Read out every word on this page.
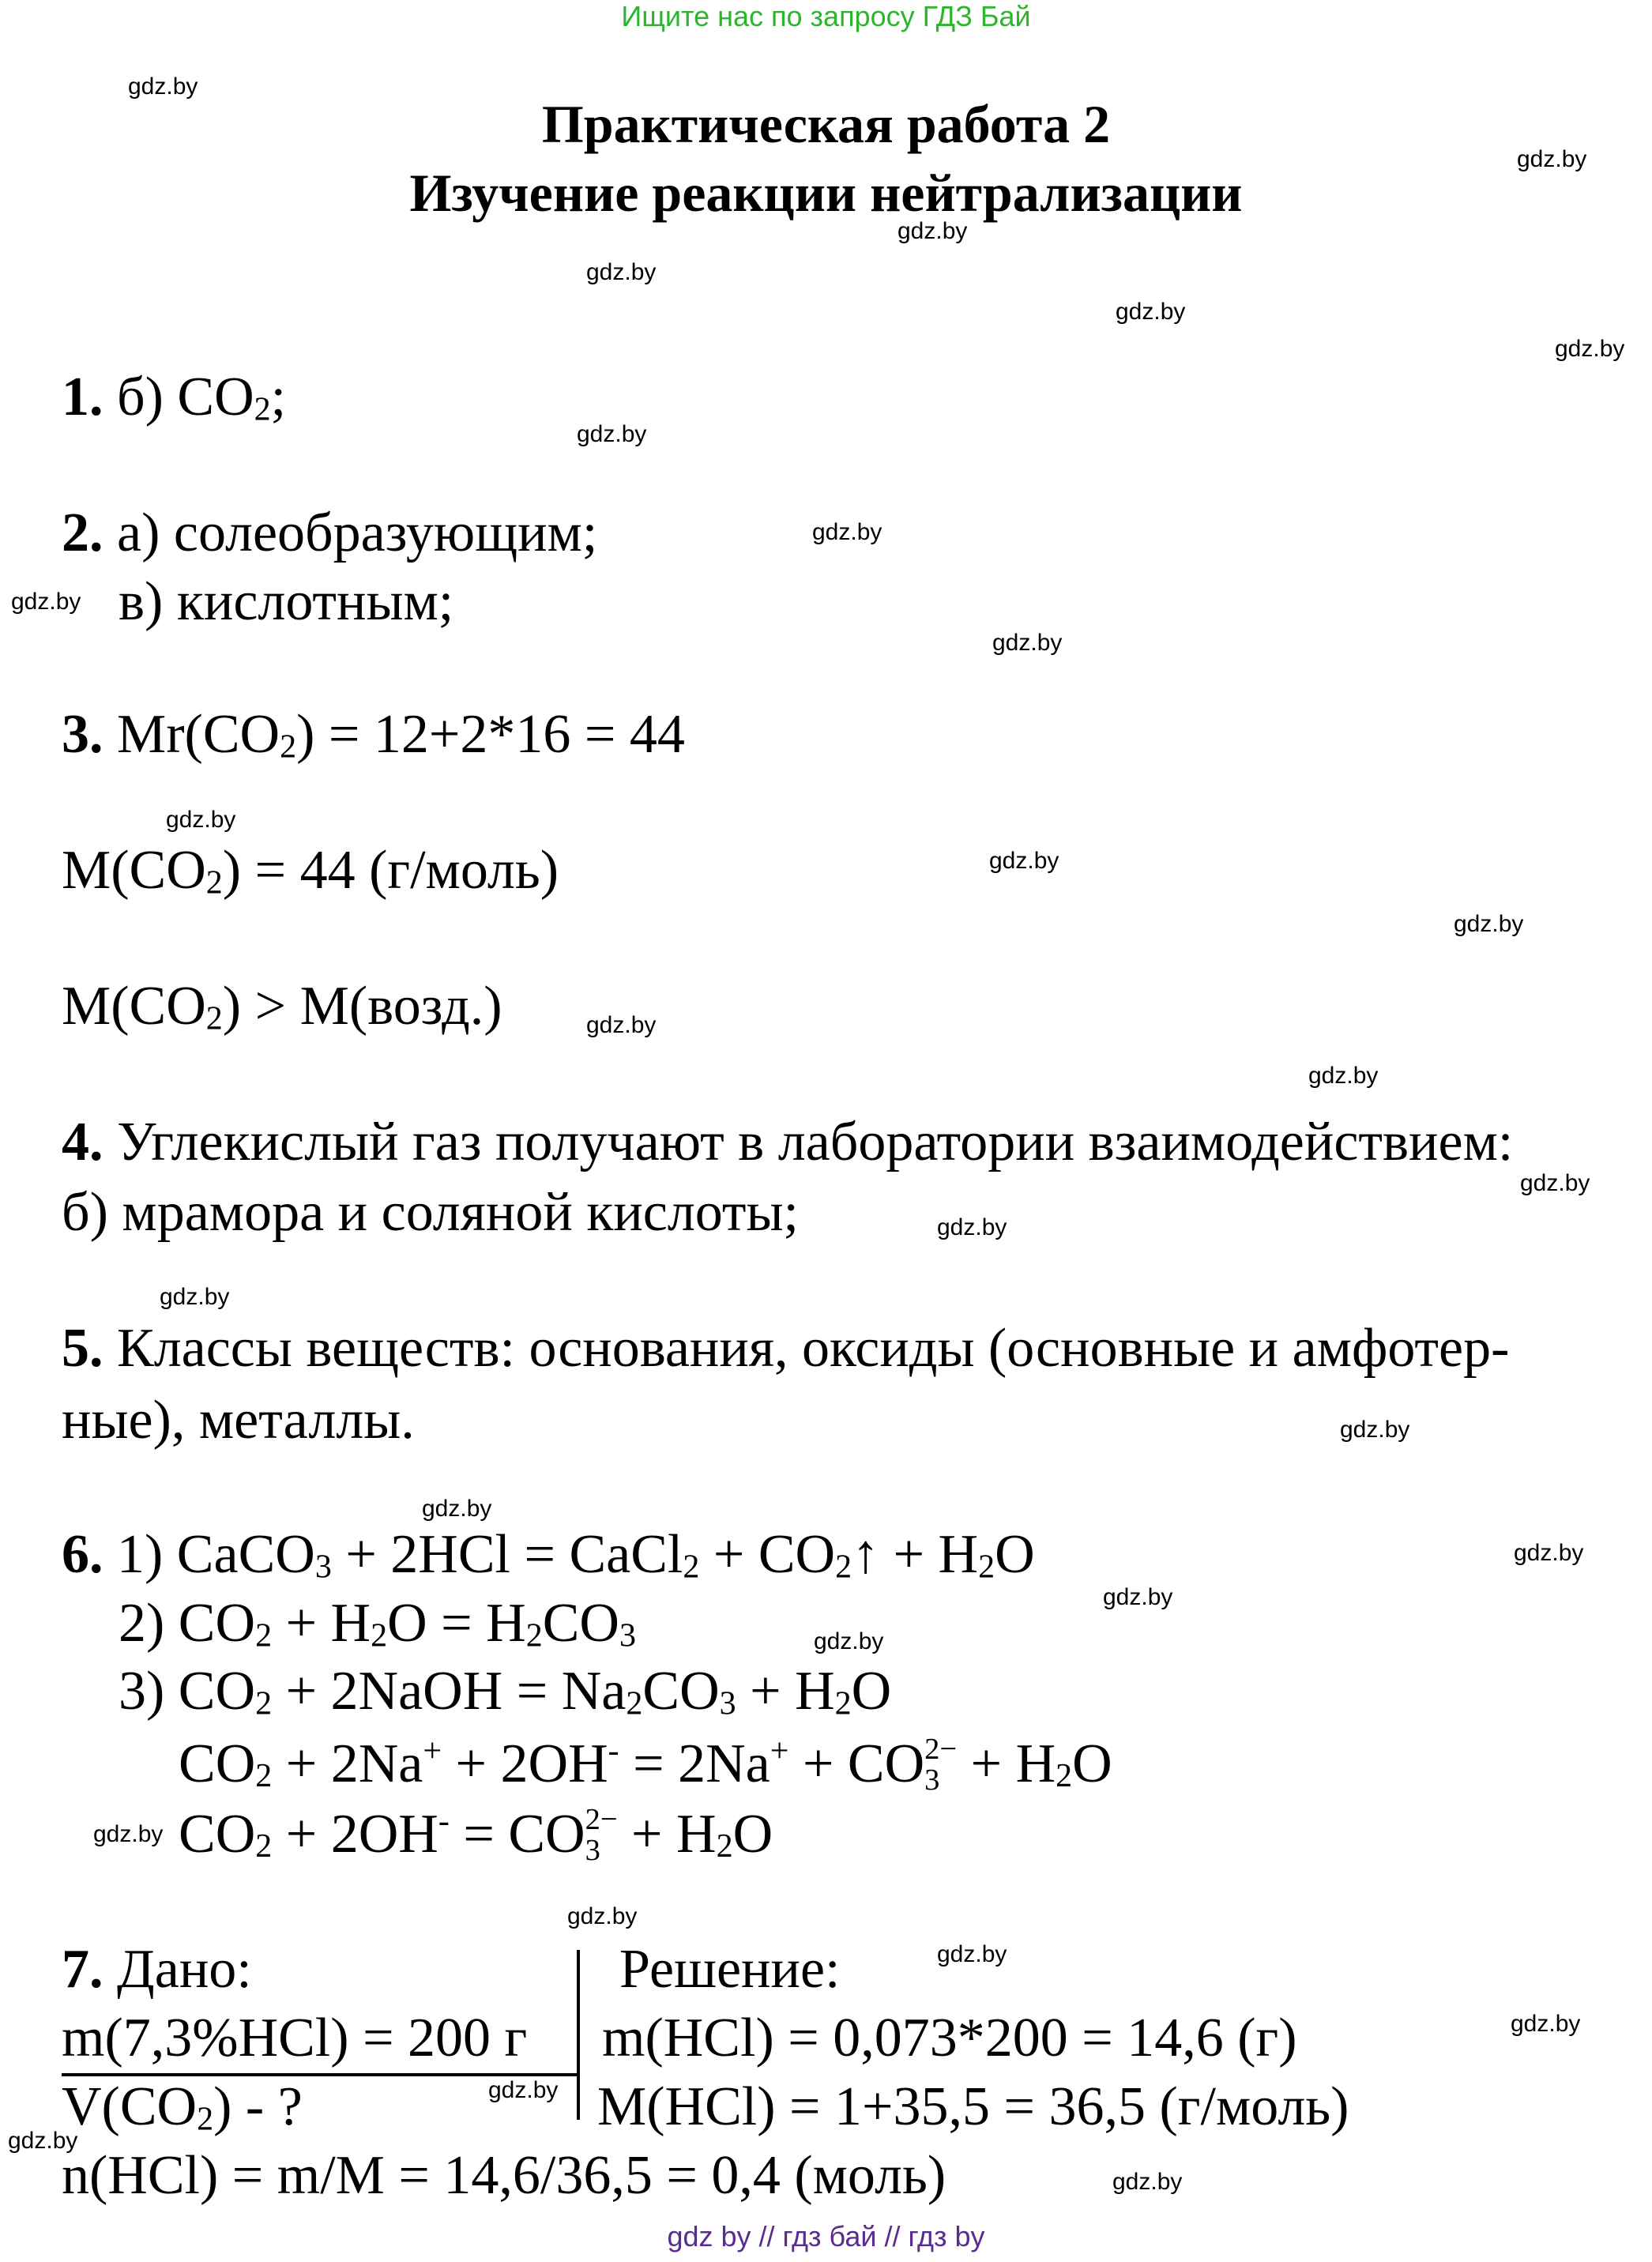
Ищите нас по запросу ГДЗ Бай
Практическая работа 2
Изучение реакции нейтрализации
gdz.by
gdz.by
gdz.by
gdz.by
gdz.by
gdz.by
gdz.by
gdz.by
gdz.by
gdz.by
gdz.by
gdz.by
gdz.by
gdz.by
gdz.by
gdz.by
gdz.by
gdz.by
gdz.by
gdz.by
gdz.by
gdz.by
gdz.by
gdz.by
gdz.by
gdz.by
gdz.by
gdz.by
gdz.by
gdz.by
1. б) CO2;
2. а) солеобразующим;
в) кислотным;
3. Mr(CO2) = 12+2*16 = 44
M(CO2) = 44 (г/моль)
M(CO2) > M(возд.)
4. Углекислый газ получают в лаборатории взаимодействием:
б) мрамора и соляной кислоты;
5. Классы веществ: основания, оксиды (основные и амфотер-
ные), металлы.
6. 1) CaCO3 + 2HCl = CaCl2 + CO2↑ + H2O
2) CO2 + H2O = H2CO3
3) CO2 + 2NaOH = Na2CO3 + H2O
CO2 + 2Na+ + 2OH- = 2Na+ + CO 2−
3 + H2O
CO2 + 2OH- = CO 2−
3 + H2O
7. Дано:	Решение:
m(7,3%HCl) = 200 г m(HCl) = 0,073*200 = 14,6 (г)
V(CO2) - ?	M(HCl) = 1+35,5 = 36,5 (г/моль)
n(HCl) = m/M = 14,6/36,5 = 0,4 (моль)
gdz by // гдз бай // гдз by
